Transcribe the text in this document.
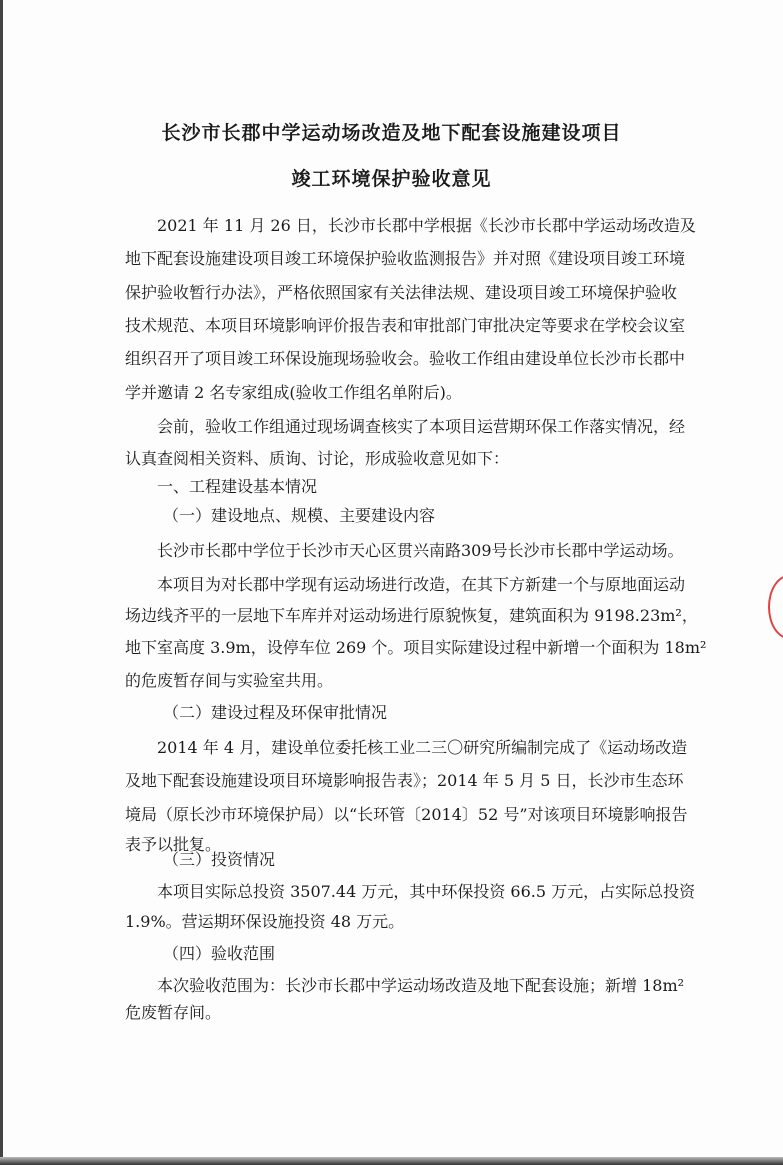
长沙市长郡中学运动场改造及地下配套设施建设项目
竣工环境保护验收意见
2021 年 11 月 26 日，长沙市长郡中学根据《长沙市长郡中学运动场改造及
地下配套设施建设项目竣工环境保护验收监测报告》并对照《建设项目竣工环境
保护验收暂行办法》，严格依照国家有关法律法规、建设项目竣工环境保护验收
技术规范、本项目环境影响评价报告表和审批部门审批决定等要求在学校会议室
组织召开了项目竣工环保设施现场验收会。验收工作组由建设单位长沙市长郡中
学并邀请 2 名专家组成(验收工作组名单附后)。
会前，验收工作组通过现场调查核实了本项目运营期环保工作落实情况，经
认真查阅相关资料、质询、讨论，形成验收意见如下：
一、工程建设基本情况
（一）建设地点、规模、主要建设内容
长沙市长郡中学位于长沙市天心区贯兴南路309号长沙市长郡中学运动场。
本项目为对长郡中学现有运动场进行改造，在其下方新建一个与原地面运动
场边线齐平的一层地下车库并对运动场进行原貌恢复，建筑面积为 9198.23m²，
地下室高度 3.9m，设停车位 269 个。项目实际建设过程中新增一个面积为 18m²
的危废暂存间与实验室共用。
（二）建设过程及环保审批情况
2014 年 4 月，建设单位委托核工业二三〇研究所编制完成了《运动场改造
及地下配套设施建设项目环境影响报告表》；2014 年 5 月 5 日，长沙市生态环
境局（原长沙市环境保护局）以“长环管〔2014〕52 号”对该项目环境影响报告
表予以批复。
（三）投资情况
本项目实际总投资 3507.44 万元，其中环保投资 66.5 万元，占实际总投资
1.9%。营运期环保设施投资 48 万元。
（四）验收范围
本次验收范围为：长沙市长郡中学运动场改造及地下配套设施；新增 18m²
危废暂存间。
